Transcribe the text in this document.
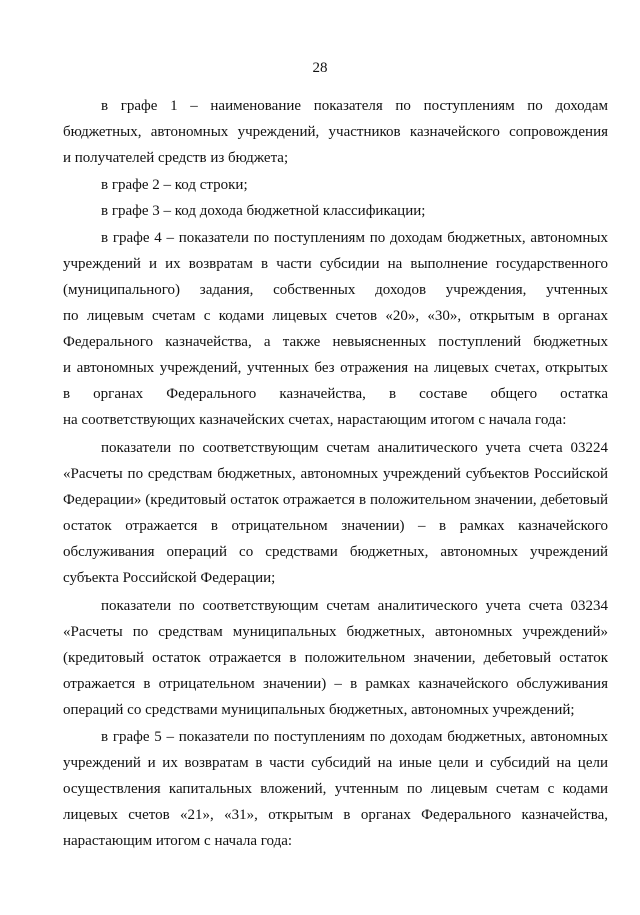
28
в графе 1 – наименование показателя по поступлениям по доходам
бюджетных, автономных учреждений, участников казначейского сопровождения
и получателей средств из бюджета;
в графе 2 – код строки;
в графе 3 – код дохода бюджетной классификации;
в графе 4 – показатели по поступлениям по доходам бюджетных, автономных
учреждений и их возвратам в части субсидии на выполнение государственного
(муниципального) задания, собственных доходов учреждения, учтенных
по лицевым счетам с кодами лицевых счетов «20», «30», открытым в органах
Федерального казначейства, а также невыясненных поступлений бюджетных
и автономных учреждений, учтенных без отражения на лицевых счетах, открытых
в органах Федерального казначейства, в составе общего остатка
на соответствующих казначейских счетах, нарастающим итогом с начала года:
показатели по соответствующим счетам аналитического учета счета 03224
«Расчеты по средствам бюджетных, автономных учреждений субъектов Российской
Федерации» (кредитовый остаток отражается в положительном значении, дебетовый
остаток отражается в отрицательном значении) – в рамках казначейского
обслуживания операций со средствами бюджетных, автономных учреждений
субъекта Российской Федерации;
показатели по соответствующим счетам аналитического учета счета 03234
«Расчеты по средствам муниципальных бюджетных, автономных учреждений»
(кредитовый остаток отражается в положительном значении, дебетовый остаток
отражается в отрицательном значении) – в рамках казначейского обслуживания
операций со средствами муниципальных бюджетных, автономных учреждений;
в графе 5 – показатели по поступлениям по доходам бюджетных, автономных
учреждений и их возвратам в части субсидий на иные цели и субсидий на цели
осуществления капитальных вложений, учтенным по лицевым счетам с кодами
лицевых счетов «21», «31», открытым в органах Федерального казначейства,
нарастающим итогом с начала года:
